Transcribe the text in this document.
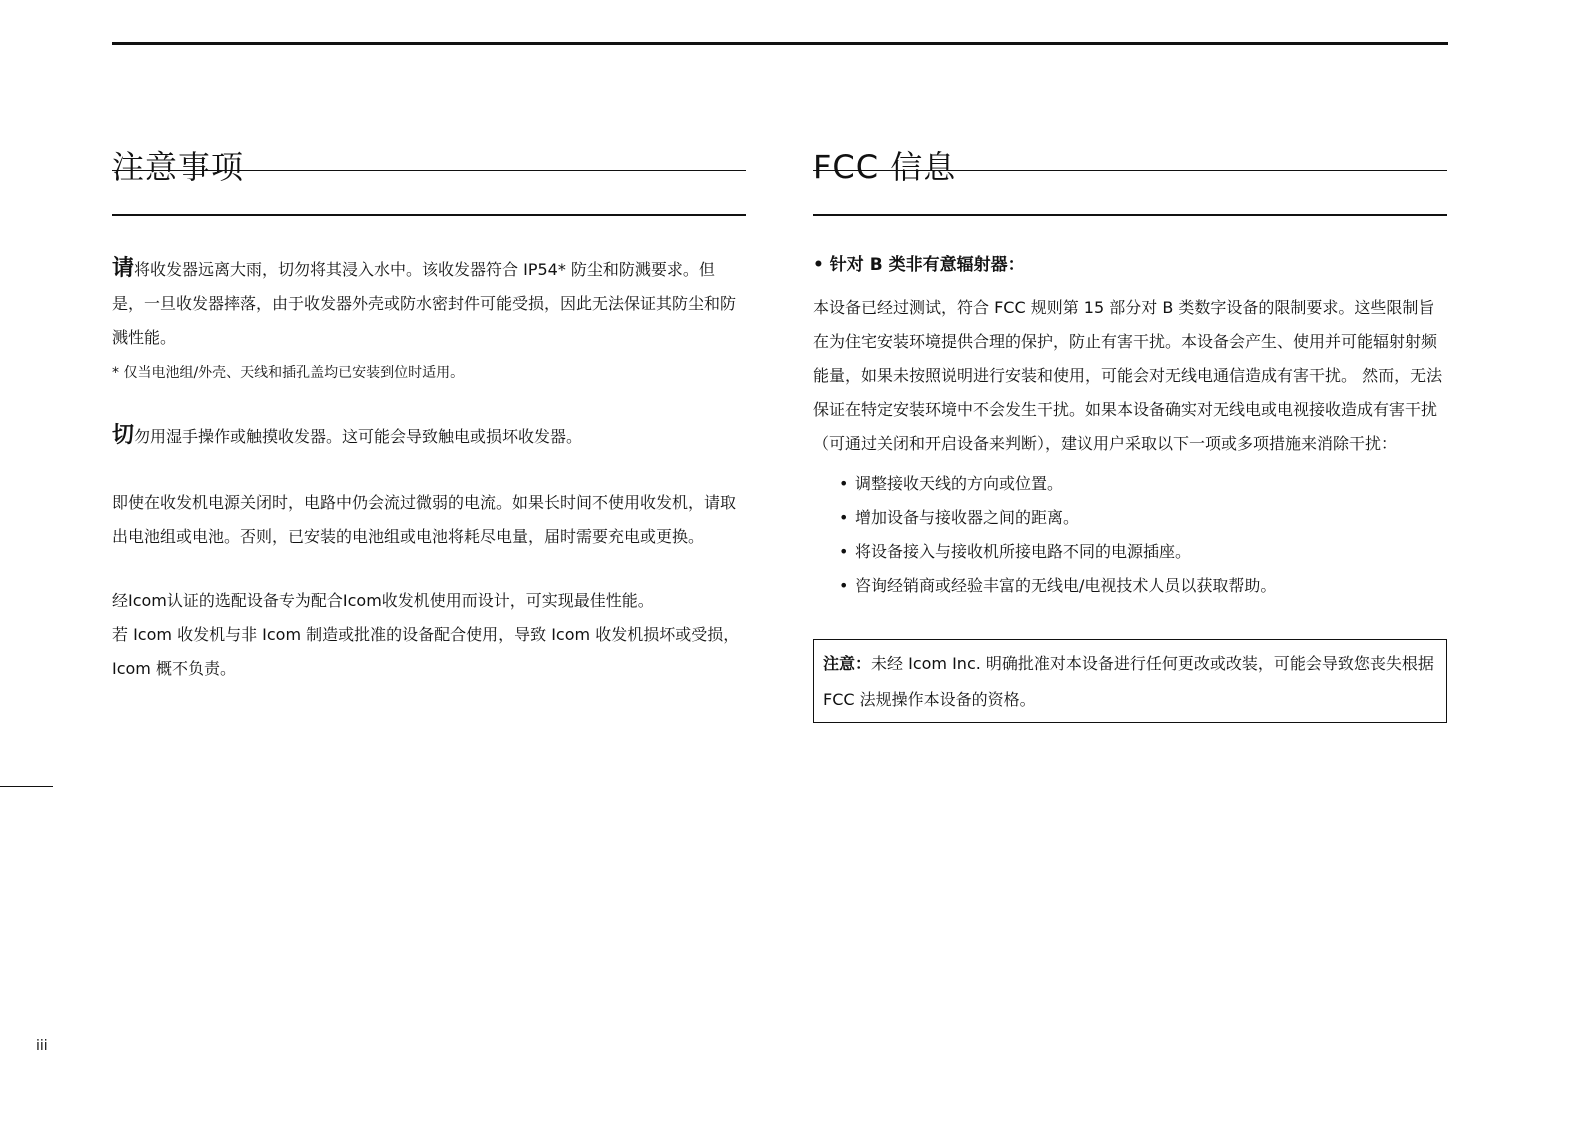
注意事项

请将收发器远离大雨，切勿将其浸入水中。该收发器符合 IP54* 防尘和防溅要求。但是，一旦收发器摔落，由于收发器外壳或防水密封件可能受损，因此无法保证其防尘和防溅性能。

* 仅当电池组/外壳、天线和插孔盖均已安装到位时适用。

切勿用湿手操作或触摸收发器。这可能会导致触电或损坏收发器。

即使在收发机电源关闭时，电路中仍会流过微弱的电流。如果长时间不使用收发机，请取出电池组或电池。否则，已安装的电池组或电池将耗尽电量，届时需要充电或更换。

经Icom认证的选配设备专为配合Icom收发机使用而设计，可实现最佳性能。

若 Icom 收发机与非 Icom 制造或批准的设备配合使用，导致 Icom 收发机损坏或受损，Icom 概不负责。

FCC 信息

• 针对 B 类非有意辐射器：

本设备已经过测试，符合 FCC 规则第 15 部分对 B 类数字设备的限制要求。这些限制旨在为住宅安装环境提供合理的保护，防止有害干扰。本设备会产生、使用并可能辐射射频能量，如果未按照说明进行安装和使用，可能会对无线电通信造成有害干扰。 然而，无法保证在特定安装环境中不会发生干扰。如果本设备确实对无线电或电视接收造成有害干扰（可通过关闭和开启设备来判断），建议用户采取以下一项或多项措施来消除干扰：

• 调整接收天线的方向或位置。
• 增加设备与接收器之间的距离。
• 将设备接入与接收机所接电路不同的电源插座。
• 咨询经销商或经验丰富的无线电/电视技术人员以获取帮助。
注意：未经 Icom Inc. 明确批准对本设备进行任何更改或改装，可能会导致您丧失根据 FCC 法规操作本设备的资格。
iii
